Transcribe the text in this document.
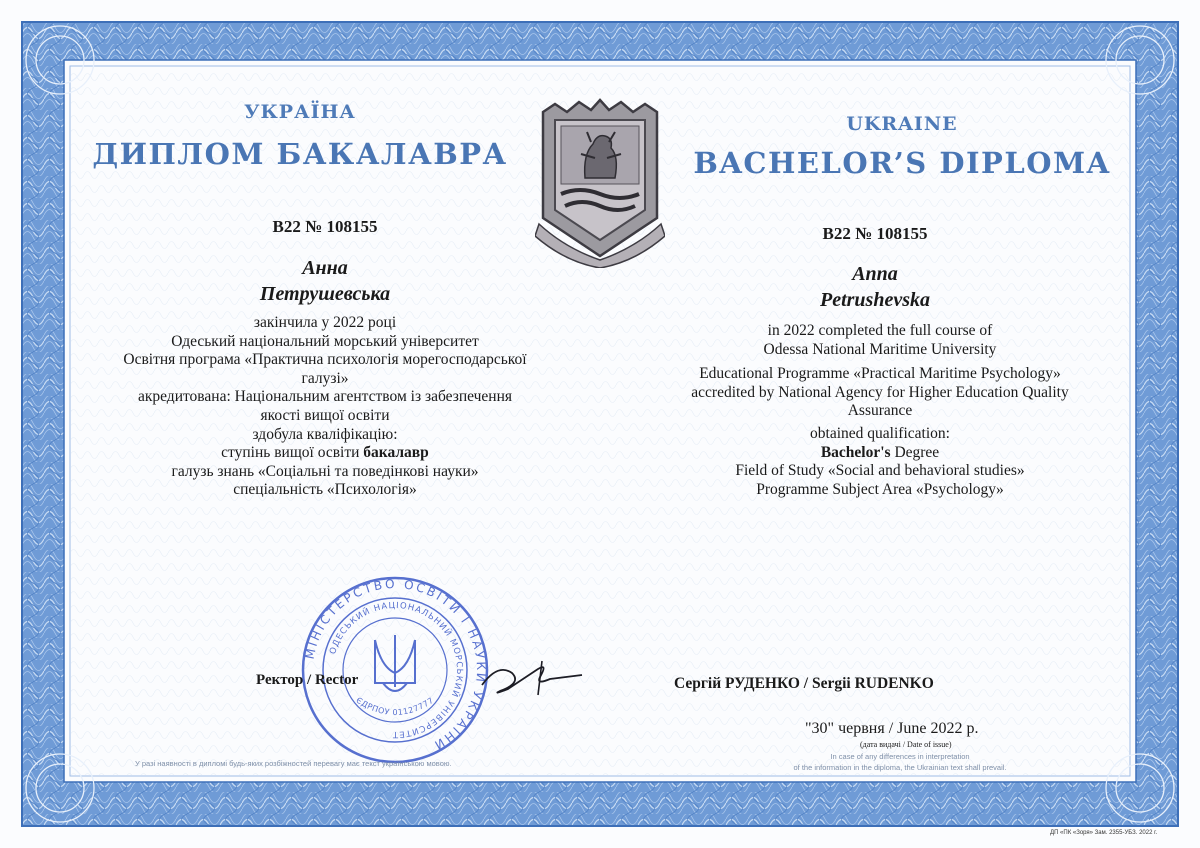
УКРАЇНА
ДИПЛОМ БАКАЛАВРА
B22 № 108155
Анна
Петрушевська
закінчила у 2022 році
Одеський національний морський університет
Освітня програма «Практична психологія морегосподарської
галузі»
акредитована: Національним агентством із забезпечення
якості вищої освіти
здобула кваліфікацію:
ступінь вищої освіти бакалавр
галузь знань «Соціальні та поведінкові науки»
спеціальність «Психологія»
UKRAINE
BACHELOR’S DIPLOMA
B22 № 108155
Anna
Petrushevska
in 2022 completed the full course of
Odessa National Maritime University
Educational Programme «Practical Maritime Psychology»
accredited by National Agency for Higher Education Quality
Assurance
obtained qualification:
Bachelor's Degree
Field of Study «Social and behavioral studies»
Programme Subject Area «Psychology»
МІНІСТЕРСТВО ОСВІТИ І НАУКИ УКРАЇНИ
ОДЕСЬКИЙ НАЦІОНАЛЬНИЙ МОРСЬКИЙ УНІВЕРСИТЕТ
ЄДРПОУ 01127777
Ректор / Rector	Сергій РУДЕНКО / Sergii RUDENKO
"30" червня / June 2022 р.
(дата видачі / Date of issue)
У разі наявності в дипломі будь-яких розбіжностей перевагу має текст українською мовою.
In case of any differences in interpretation
of the information in the diploma, the Ukrainian text shall prevail.
ДП «ПК «Зоря» Зам. 2355-УБЗ. 2022 г.
